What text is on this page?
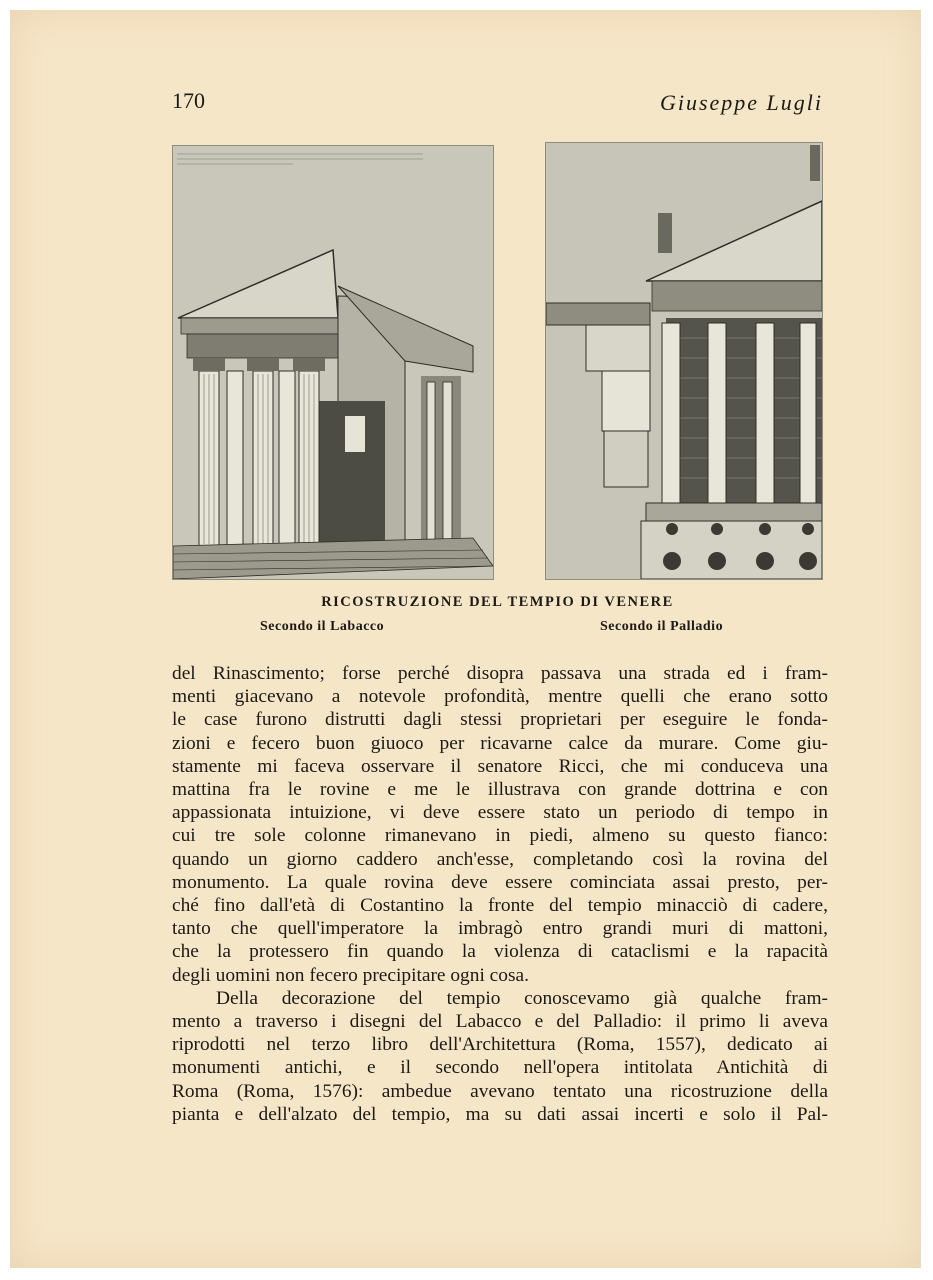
170	Giuseppe Lugli
RICOSTRUZIONE DEL TEMPIO DI VENERE
Secondo il Labacco	Secondo il Palladio
del Rinascimento; forse perché disopra passava una strada ed i fram-
menti giacevano a notevole profondità, mentre quelli che erano sotto
le case furono distrutti dagli stessi proprietari per eseguire le fonda-
zioni e fecero buon giuoco per ricavarne calce da murare. Come giu-
stamente mi faceva osservare il senatore Ricci, che mi conduceva una
mattina fra le rovine e me le illustrava con grande dottrina e con
appassionata intuizione, vi deve essere stato un periodo di tempo in
cui tre sole colonne rimanevano in piedi, almeno su questo fianco:
quando un giorno caddero anch'esse, completando così la rovina del
monumento. La quale rovina deve essere cominciata assai presto, per-
ché fino dall'età di Costantino la fronte del tempio minacciò di cadere,
tanto che quell'imperatore la imbragò entro grandi muri di mattoni,
che la protessero fin quando la violenza di cataclismi e la rapacità
degli uomini non fecero precipitare ogni cosa.
Della decorazione del tempio conoscevamo già qualche fram-
mento a traverso i disegni del Labacco e del Palladio: il primo li aveva
riprodotti nel terzo libro dell'Architettura (Roma, 1557), dedicato ai
monumenti antichi, e il secondo nell'opera intitolata Antichità di
Roma (Roma, 1576): ambedue avevano tentato una ricostruzione della
pianta e dell'alzato del tempio, ma su dati assai incerti e solo il Pal-
